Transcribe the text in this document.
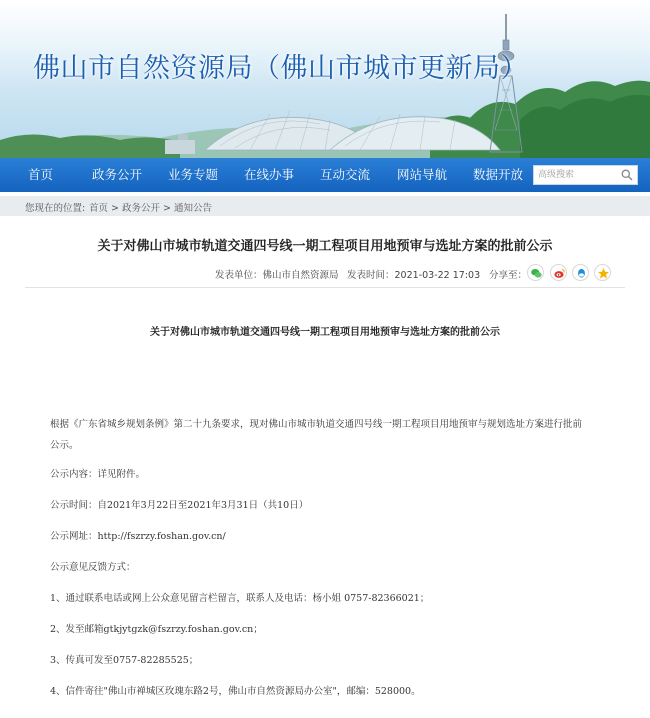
佛山市自然资源局（佛山市城市更新局）
首页	政务公开 业务专题 在线办事 互动交流 网站导航 数据开放
高级搜索
您现在的位置: 首页 > 政务公开 > 通知公告
关于对佛山市城市轨道交通四号线一期工程项目用地预审与选址方案的批前公示
发表单位：佛山市自然资源局 发表时间：2021-03-22 17:03 分享至：
关于对佛山市城市轨道交通四号线一期工程项目用地预审与选址方案的批前公示
根据《广东省城乡规划条例》第二十九条要求，现对佛山市城市轨道交通四号线一期工程项目用地预审与规划选址方案进行批前
公示。
公示内容：详见附件。
公示时间：自2021年3月22日至2021年3月31日（共10日）
公示网址：http://fszrzy.foshan.gov.cn/
公示意见反馈方式：
1、通过联系电话或网上公众意见留言栏留言，联系人及电话：杨小姐 0757-82366021；
2、发至邮箱gtkjytgzk@fszrzy.foshan.gov.cn；
3、传真可发至0757-82285525；
4、信件寄往"佛山市禅城区玫瑰东路2号，佛山市自然资源局办公室"，邮编：528000。
